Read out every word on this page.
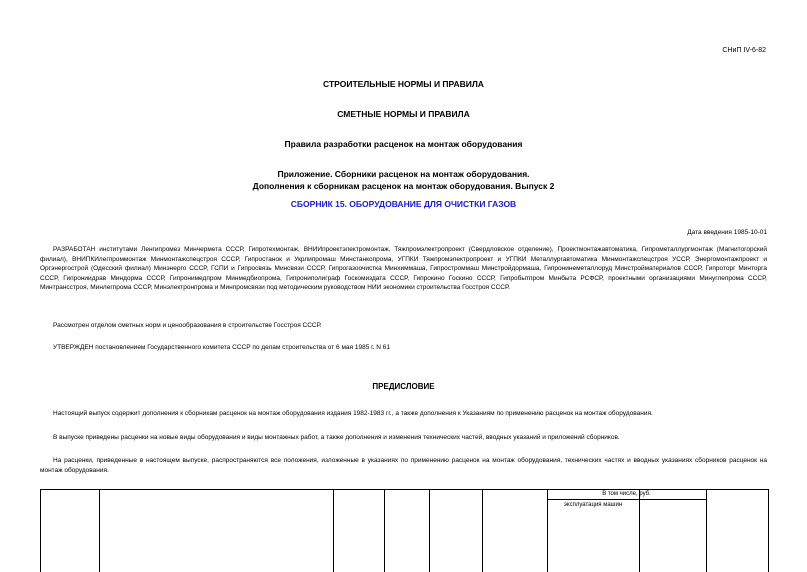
СНиП IV-6-82
СТРОИТЕЛЬНЫЕ НОРМЫ И ПРАВИЛА
СМЕТНЫЕ НОРМЫ И ПРАВИЛА
Правила разработки расценок на монтаж оборудования
Приложение. Сборники расценок на монтаж оборудования.
Дополнения к сборникам расценок на монтаж оборудования. Выпуск 2
СБОРНИК 15. ОБОРУДОВАНИЕ ДЛЯ ОЧИСТКИ ГАЗОВ
Дата введения 1985-10-01
РАЗРАБОТАН институтами Ленгипромез Минчермета СССР, Гипротехмонтаж, ВНИИпроектэлектромонтаж, Тяжпромэлектропроект (Свердловское отделение), Проектмонтажавтоматика, Гипрометаллургмонтаж (Магнитогорский филиал), ВНИПКИлегпроммонтаж Минмонтажспецстроя СССР, Гипростанок и Укрлипромаш Минстанкопрома, УГПКИ Тяжпромэлектропроект и УГПКИ Металлургавтоматика Минмонтажспецстроя УССР, Энергомонтажпроект и Оргэнергострой (Одесский филиал) Минэнерго СССР, ГСПИ и Гипросвязь Минсвязи СССР, Гипрогазоочистка Минхиммаша, Гипростроммаш Минстройдормаша, Гипронинеметаллоруд Минстройматериалов СССР, Гипроторг Минторга СССР, Гипрониидрав Миндорма СССР, Гипронимедпром Минмедбиопрома, Гипрониполиграф Госкомиздата СССР, Гипрокино Госкино СССР, Гипробытпром Минбыта РСФСР, проектными организациями Минуглепрома СССР, Минтрансстроя, Минлегпрома СССР, Минэлектронпрома и Минпромсвязи под методическим руководством НИИ экономики строительства Госстроя СССР.
Рассмотрен отделом сметных норм и ценообразования в строительстве Госстроя СССР.
УТВЕРЖДЕН постановлением Государственного комитета СССР по делам строительства от 6 мая 1985 г. N 61
ПРЕДИСЛОВИЕ
Настоящий выпуск содержит дополнения к сборникам расценок на монтаж оборудования издания 1982-1983 гг., а также дополнения к Указаниям по применению расценок на монтаж оборудования.
В выпуске приведены расценки на новые виды оборудования и виды монтажных работ, а также дополнения и изменения технических частей, вводных указаний и приложений сборников.
На расценки, приведенные в настоящем выпуске, распространяются все положения, изложенные в указаниях по применению расценок на монтаж оборудования, технических частях и вводных указаниях сборников расценок на монтаж оборудования.
В том числе, руб.
эксплуатация машин
